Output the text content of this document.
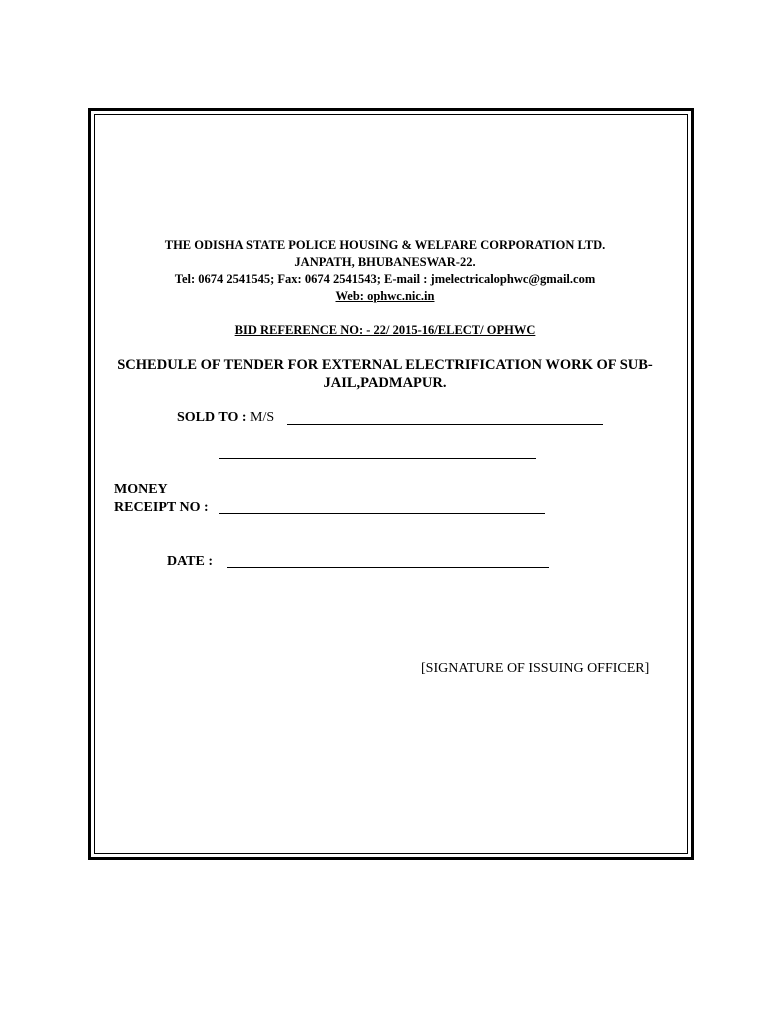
THE ODISHA STATE POLICE HOUSING & WELFARE CORPORATION LTD.
JANPATH, BHUBANESWAR-22.
Tel: 0674 2541545; Fax: 0674 2541543; E-mail : jmelectricalophwc@gmail.com
Web: ophwc.nic.in
BID REFERENCE NO: - 22/ 2015-16/ELECT/ OPHWC
SCHEDULE OF TENDER FOR EXTERNAL ELECTRIFICATION WORK OF SUB-
JAIL,PADMAPUR.
SOLD TO : M/S
MONEY
RECEIPT NO :
DATE :
[SIGNATURE OF ISSUING OFFICER]
